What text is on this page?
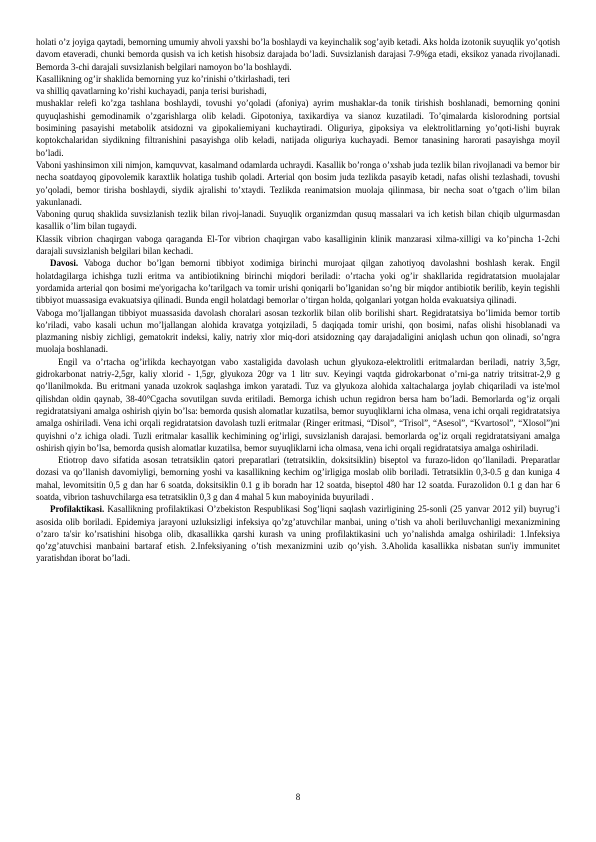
holati o’z joyiga qaytadi, bemorning umumiy ahvoli yaxshi bo’la boshlaydi va keyinchalik sog’ayib ketadi. Aks holda izotonik suyuqlik yo’qotish davom etaveradi, chunki bemorda qusish va ich ketish hisobsiz darajada bo’ladi. Suvsizlanish darajasi 7-9%ga etadi, eksikoz yanada rivojlanadi. Bemorda 3-chi darajali suvsizlanish belgilari namoyon bo’la boshlaydi.

Kasallikning og’ir shaklida bemorning yuz ko’rinishi o’tkirlashadi, teri

va shilliq qavatlarning ko’rishi kuchayadi, panja terisi burishadi,

mushaklar relefi ko’zga tashlana boshlaydi, tovushi yo’qoladi (afoniya) ayrim mushaklar-da tonik tirishish boshlanadi, bemorning qonini quyuqlashishi gemodinamik o’zgarishlarga olib keladi. Gipotoniya, taxikardiya va sianoz kuzatiladi. To’qimalarda kislorodning portsial bosimining pasayishi metabolik atsidozni va gipokaliemiyani kuchaytiradi. Oliguriya, gipoksiya va elektrolitlarning yo’qoti-lishi buyrak koptokchalaridan siydikning filtranishini pasayishga olib keladi, natijada oliguriya kuchayadi. Bemor tanasining harorati pasayishga moyil bo’ladi.

Vaboni yashinsimon xili nimjon, kamquvvat, kasalmand odamlarda uchraydi. Kasallik bo’ronga o’xshab juda tezlik bilan rivojlanadi va bemor bir necha soatdayoq gipovolemik karaxtlik holatiga tushib qoladi. Arterial qon bosim juda tezlikda pasayib ketadi, nafas olishi tezlashadi, tovushi yo’qoladi, bemor tirisha boshlaydi, siydik ajralishi to’xtaydi. Tezlikda reanimatsion muolaja qilinmasa, bir necha soat o’tgach o’lim bilan yakunlanadi.

Vaboning quruq shaklida suvsizlanish tezlik bilan rivoj-lanadi. Suyuqlik organizmdan qusuq massalari va ich ketish bilan chiqib ulgurmasdan kasallik o’lim bilan tugaydi.

Klassik vibrion chaqirgan vaboga qaraganda El-Tor vibrion chaqirgan vabo kasalliginin klinik manzarasi xilma-xilligi va ko’pincha 1-2chi darajali suvsizlanish belgilari bilan kechadi.

Davosi. Vaboga duchor bo’lgan bemorni tibbiyot xodimiga birinchi murojaat qilgan zahotiyoq davolashni boshlash kerak. Engil holatdagilarga ichishga tuzli eritma va antibiotikning birinchi miqdori beriladi: o’rtacha yoki og’ir shakllarida regidratatsion muolajalar yordamida arterial qon bosimi me'yorigacha ko’tarilgach va tomir urishi qoniqarli bo’lganidan so’ng bir miqdor antibiotik berilib, keyin tegishli tibbiyot muassasiga evakuatsiya qilinadi. Bunda engil holatdagi bemorlar o’tirgan holda, qolganlari yotgan holda evakuatsiya qilinadi.

Vaboga mo’ljallangan tibbiyot muassasida davolash choralari asosan tezkorlik bilan olib borilishi shart. Regidratatsiya bo’limida bemor tortib ko’riladi, vabo kasali uchun mo’ljallangan alohida kravatga yotqiziladi, 5 daqiqada tomir urishi, qon bosimi, nafas olishi hisoblanadi va plazmaning nisbiy zichligi, gematokrit indeksi, kaliy, natriy xlor miq-dori atsidozning qay darajadaligini aniqlash uchun qon olinadi, so’ngra muolaja boshlanadi.

Engil va o’rtacha og’irlikda kechayotgan vabo xastaligida davolash uchun glyukoza-elektrolitli eritmalardan beriladi, natriy 3,5gr, gidrokarbonat natriy-2,5gr, kaliy xlorid - 1,5gr, glyukoza 20gr va 1 litr suv. Keyingi vaqtda gidrokarbonat o’rni-ga natriy tritsitrat-2,9 g qo’llanilmokda. Bu eritmani yanada uzokrok saqlashga imkon yaratadi. Tuz va glyukoza alohida xaltachalarga joylab chiqariladi va iste'mol qilishdan oldin qaynab, 38-40°Cgacha sovutilgan suvda eritiladi. Bemorga ichish uchun regidron bersa ham bo’ladi. Bemorlarda og’iz orqali regidratatsiyani amalga oshirish qiyin bo’lsa: bemorda qusish alomatlar kuzatilsa, bemor suyuqliklarni icha olmasa, vena ichi orqali regidratatsiya amalga oshiriladi. Vena ichi orqali regidratatsion davolash tuzli eritmalar (Ringer eritmasi, “Disol”, “Trisol”, “Asesol”, “Kvartosol”, “Xlosol”)ni quyishni o’z ichiga oladi. Tuzli eritmalar kasallik kechimining og’irligi, suvsizlanish darajasi. bemorlarda og’iz orqali regidratatsiyani amalga oshirish qiyin bo’lsa, bemorda qusish alomatlar kuzatilsa, bemor suyuqliklarni icha olmasa, vena ichi orqali regidratatsiya amalga oshiriladi.

Etiotrop davo sifatida asosan tetratsiklin qatori preparatlari (tetratsiklin, doksitsiklin) biseptol va furazo-lidon qo’llaniladi. Preparatlar dozasi va qo’llanish davomiyligi, bemorning yoshi va kasallikning kechim og’irligiga moslab olib boriladi. Tetratsiklin 0,3-0.5 g dan kuniga 4 mahal, levomitsitin 0,5 g dan har 6 soatda, doksitsiklin 0.1 g ib boradn har 12 soatda, biseptol 480 har 12 soatda. Furazolidon 0.1 g dan har 6 soatda, vibrion tashuvchilarga esa tetratsiklin 0,3 g dan 4 mahal 5 kun maboyinida buyuriladi .

Profilaktikasi. Kasallikning profilaktikasi O’zbekiston Respublikasi Sog’liqni saqlash vazirligining 25-sonli (25 yanvar 2012 yil) buyrug’i asosida olib boriladi. Epidemiya jarayoni uzluksizligi infeksiya qo’zg’atuvchilar manbai, uning o’tish va aholi beriluvchanligi mexanizmining o’zaro ta'sir ko’rsatishini hisobga olib, dkasallikka qarshi kurash va uning profilaktikasini uch yo’nalishda amalga oshiriladi: 1.Infeksiya qo’zg’atuvchisi manbaini bartaraf etish. 2.Infeksiyaning o’tish mexanizmini uzib qo’yish. 3.Aholida kasallikka nisbatan sun'iy immunitet yaratishdan iborat bo’ladi.

8
